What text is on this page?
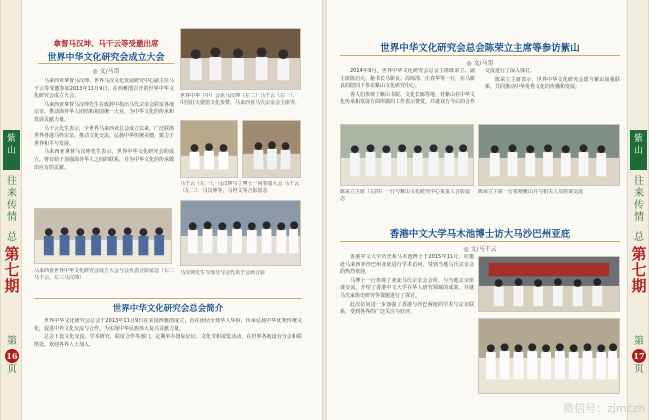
紫山
往来传情
总
第七期
第
16
页
拿督马汉坤、马干云等受邀出席
世界中华文化研究会成立大会
◎ 文/马哥

马来西亚拿督马汉坤、世界马汉文化发展研究中心副主任马干云等受邀参加2013年11月9日，在西雅图召开的世界中华文化研究会成立大会。

马来西亚拿督马汉坤先生在致辞中指出马氏宗亲会联谊各地宗亲，推动海外华人团结和祖国统一大业，为中华文化的传承和发展贡献力量。

马干云先生表示，全世界马来西亚总会成立以来，广泛联络世界各地马姓宗亲，推动文化交流，弘扬中华传统美德，致力于世界和平与发展。

马来西亚拿督马汉坤先生表示，世界中华文化研究会的成立，将有助于加强海外华人之间的联系，并为中华文化的传承做出应有的贡献。

世界中华（中）会见马汉坤（左二）马干云（右一）、中国驻大使馆文化参赞、马来西亚马氏宗亲会主席等。
马干云（左一）、马汉坤与丁博士一同参加大会 马干云（左二）、马汉坤等，马世文等合影留念
马来西亚世界中华文化研究会成立大会与会代表合影留念（右二马干云、左三马汉坤）
马汉坤先生与部分与会代表于会场合影
世界中华文化研究会总会简介

世界中华文化研究会总会于2013年11月9日在美国西雅图成立，旨在团结全球华人华侨，传承弘扬中华优秀传统文化，促进中外文化交流与合作，为实现中华民族伟大复兴贡献力量。

总会下设文化交流、学术研究、联谊合作等部门，定期举办国际论坛、文化节和展览活动，在世界各地设有分会和联络处，欢迎各界人士加入。

紫山
往来传情
总
第七期
第
17
页
世界中华文化研究会总会陈荣立主席等参访紫山
◎ 文/马哥

2014年9月，世界中华文化研究会总会主席陈荣立、副主席陈启元、秘书长马新良、周琼清、庄春华等一行，在马新良的陪同下参访紫山文化研究中心。

客人们参观了紫山书院、文化长廊等地，对紫山在中华文化传承和发展方面所做的工作表示赞赏，并就双方今后的合作交流进行了深入探讨。

陈荣立主席表示，世界中华文化研究会愿与紫山加强联系，共同推动中华优秀文化的传播和发展。

陈荣立主席（右四）一行与紫山文化研究中心负责人合影留念
陈荣立主席一行参观紫山并与相关人员座谈交流
香港中文大学马木池博士访大马沙巴州亚庇
◎ 文/马干云

香港中文大学历史系马木池博士于2015年11月，应邀赴马来西亚沙巴州亚庇进行学术访问，受到当地马氏宗亲会的热烈欢迎。

马博士一行参观了亚庇马氏宗亲会会所，与当地宗亲座谈交流，介绍了香港中文大学在华人研究领域的成果，并就马氏家族史研究等课题进行了探讨。

此次访问进一步加强了香港与沙巴两地的学术与宗亲联系，受到各界的广泛关注与好评。

微信号：zjmczh
